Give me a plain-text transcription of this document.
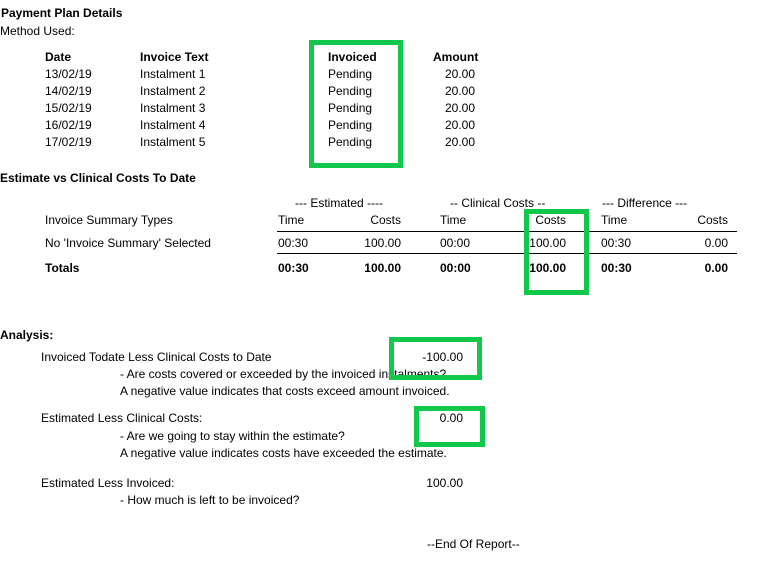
Payment Plan Details
Method Used:
Date	Invoice Text	Invoiced	Amount
13/02/19	Instalment 1	Pending	20.00
14/02/19	Instalment 2	Pending	20.00
15/02/19	Instalment 3	Pending	20.00
16/02/19	Instalment 4	Pending	20.00
17/02/19	Instalment 5	Pending	20.00
Estimate vs Clinical Costs To Date
--- Estimated ----	-- Clinical Costs --	--- Difference ---
Invoice Summary Types	Time	Costs	Time	Costs	Time	Costs
No 'Invoice Summary' Selected	00:30	100.00	00:00	100.00	00:30	0.00
Totals	00:30	100.00	00:00	100.00	00:30	0.00
Analysis:
Invoiced Todate Less Clinical Costs to Date	-100.00
- Are costs covered or exceeded by the invoiced instalments?
A negative value indicates that costs exceed amount invoiced.
Estimated Less Clinical Costs:	0.00
- Are we going to stay within the estimate?
A negative value indicates costs have exceeded the estimate.
Estimated Less Invoiced:	100.00
- How much is left to be invoiced?
--End Of Report--
